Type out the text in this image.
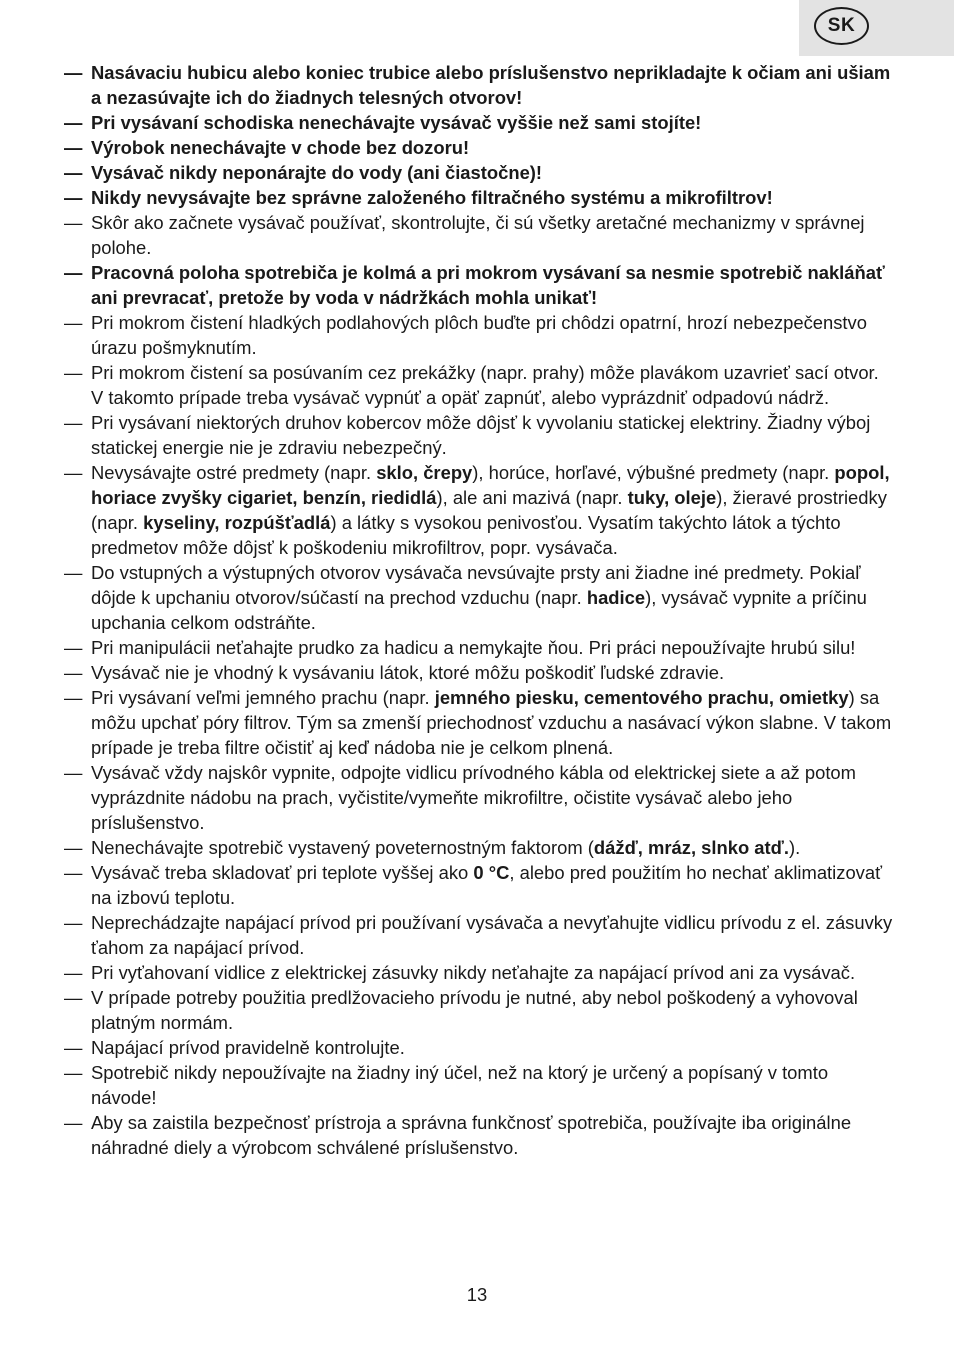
SK
— Nasávaciu hubicu alebo koniec trubice alebo príslušenstvo neprikladajte k očiam ani ušiam a nezasúvajte ich do žiadnych telesných otvorov!
— Pri vysávaní schodiska nenechávajte vysávač vyššie než sami stojíte!
— Výrobok nenechávajte v chode bez dozoru!
— Vysávač nikdy neponárajte do vody (ani čiastočne)!
— Nikdy nevysávajte bez správne založeného filtračného systému a mikrofiltrov!
— Skôr ako začnete vysávač používať, skontrolujte, či sú všetky aretačné mechanizmy v správnej polohe.
— Pracovná poloha spotrebiča je kolmá a pri mokrom vysávaní sa nesmie spotrebič nakláňať ani prevracať, pretože by voda v nádržkách mohla unikať!
— Pri mokrom čistení hladkých podlahových plôch buďte pri chôdzi opatrní, hrozí nebezpečenstvo úrazu pošmyknutím.
— Pri mokrom čistení sa posúvaním cez prekážky (napr. prahy) môže plavákom uzavrieť sací otvor. V takomto prípade treba vysávač vypnúť a opäť zapnúť, alebo vyprázdniť odpadovú nádrž.
— Pri vysávaní niektorých druhov kobercov môže dôjsť k vyvolaniu statickej elektriny. Žiadny výboj statickej energie nie je zdraviu nebezpečný.
— Nevysávajte ostré predmety (napr. sklo, črepy), horúce, horľavé, výbušné predmety (napr. popol, horiace zvyšky cigariet, benzín, riedidlá), ale ani mazivá (napr. tuky, oleje), žieravé prostriedky (napr. kyseliny, rozpúšťadlá) a látky s vysokou penivosťou. Vysatím takýchto látok a týchto predmetov môže dôjsť k poškodeniu mikrofiltrov, popr. vysávača.
— Do vstupných a výstupných otvorov vysávača nevsúvajte prsty ani žiadne iné predmety. Pokiaľ dôjde k upchaniu otvorov/súčastí na prechod vzduchu (napr. hadice), vysávač vypnite a príčinu upchania celkom odstráňte.
— Pri manipulácii neťahajte prudko za hadicu a nemykajte ňou. Pri práci nepoužívajte hrubú silu!
— Vysávač nie je vhodný k vysávaniu látok, ktoré môžu poškodiť ľudské zdravie.
— Pri vysávaní veľmi jemného prachu (napr. jemného piesku, cementového prachu, omietky) sa môžu upchať póry filtrov. Tým sa zmenší priechodnosť vzduchu a nasávací výkon slabne. V takom prípade je treba filtre očistiť aj keď nádoba nie je celkom plnená.
— Vysávač vždy najskôr vypnite, odpojte vidlicu prívodného kábla od elektrickej siete a až potom vyprázdnite nádobu na prach, vyčistite/vymeňte mikrofiltre, očistite vysávač alebo jeho príslušenstvo.
— Nenechávajte spotrebič vystavený poveternostným faktorom (dážď, mráz, slnko atď.).
— Vysávač treba skladovať pri teplote vyššej ako 0 °C, alebo pred použitím ho nechať aklimatizovať na izbovú teplotu.
— Neprechádzajte napájací prívod pri používaní vysávača a nevyťahujte vidlicu prívodu z el. zásuvky ťahom za napájací prívod.
— Pri vyťahovaní vidlice z elektrickej zásuvky nikdy neťahajte za napájací prívod ani za vysávač.
— V prípade potreby použitia predlžovacieho prívodu je nutné, aby nebol poškodený a vyhovoval platným normám.
— Napájací prívod pravidelně kontrolujte.
— Spotrebič nikdy nepoužívajte na žiadny iný účel, než na ktorý je určený a popísaný v tomto návode!
— Aby sa zaistila bezpečnosť prístroja a správna funkčnosť spotrebiča, používajte iba originálne náhradné diely a výrobcom schválené príslušenstvo.
13
